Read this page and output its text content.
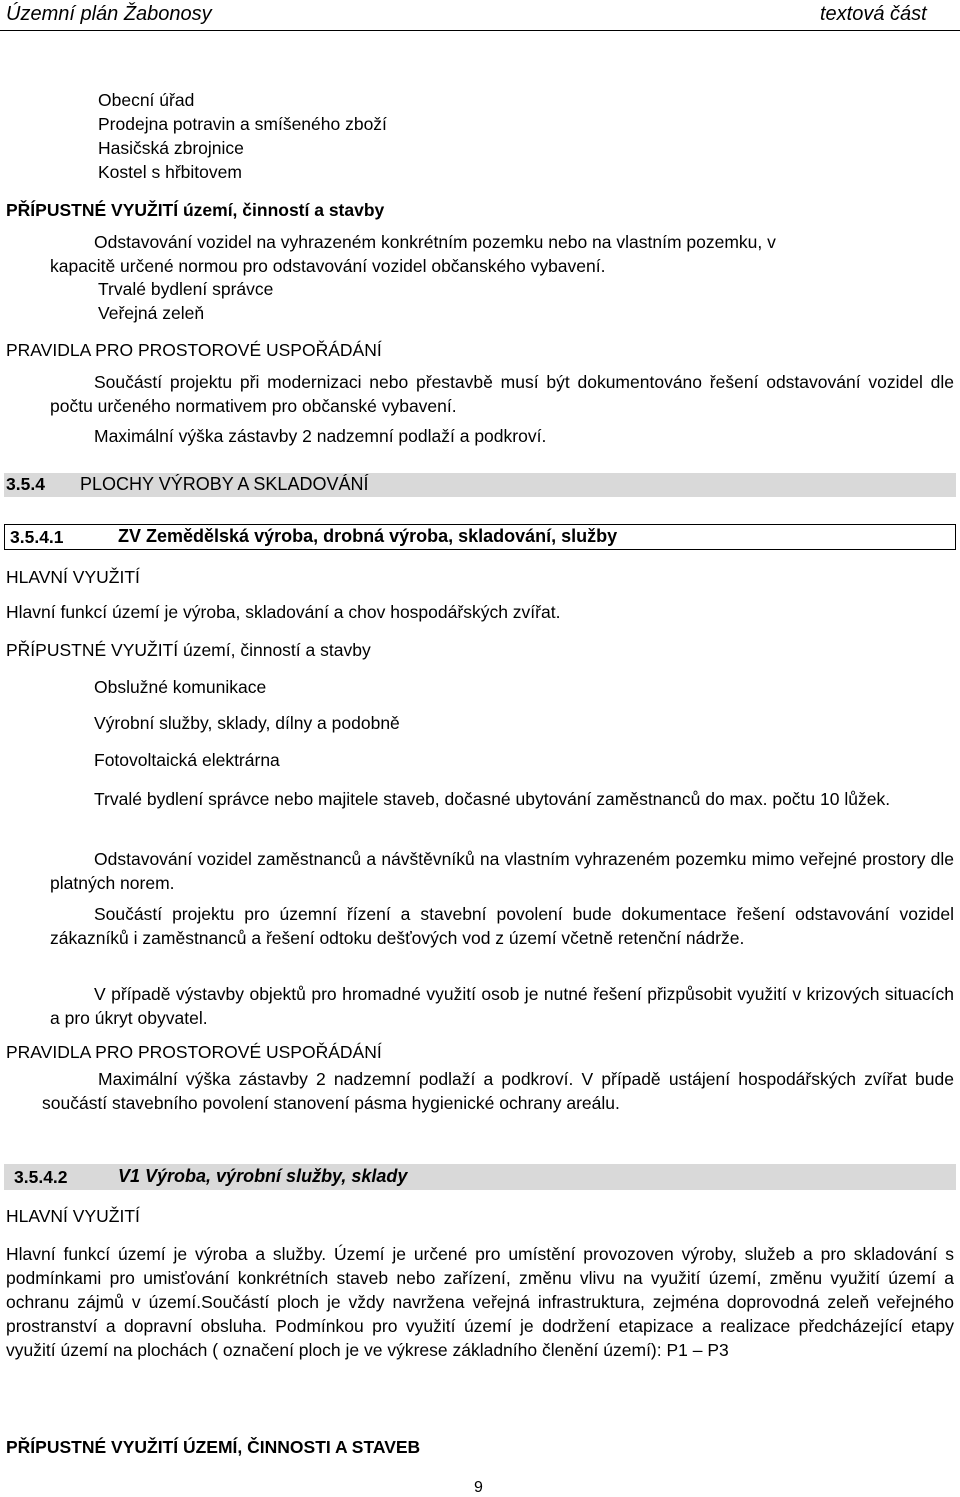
Územní plán Žabonosy	textová část
Obecní úřad
Prodejna potravin a smíšeného zboží
Hasičská zbrojnice
Kostel s hřbitovem
PŘÍPUSTNÉ VYUŽITÍ území, činností a stavby
Odstavování vozidel na vyhrazeném konkrétním pozemku nebo na vlastním pozemku, v
kapacitě určené normou pro odstavování vozidel občanského vybavení.
Trvalé bydlení správce
Veřejná zeleň
PRAVIDLA PRO PROSTOROVÉ USPOŘÁDÁNÍ
Součástí projektu při modernizaci nebo přestavbě musí být dokumentováno řešení odstavování vozidel dle počtu určeného normativem pro občanské vybavení.
Maximální výška zástavby 2 nadzemní podlaží a podkroví.
3.5.4 PLOCHY VÝROBY A SKLADOVÁNÍ
3.5.4.1	ZV Zemědělská výroba, drobná výroba, skladování, služby
HLAVNÍ VYUŽITÍ
Hlavní funkcí území je výroba, skladování a chov hospodářských zvířat.
PŘÍPUSTNÉ VYUŽITÍ území, činností a stavby
Obslužné komunikace
Výrobní služby, sklady, dílny a podobně
Fotovoltaická elektrárna
Trvalé bydlení správce nebo majitele staveb, dočasné ubytování zaměstnanců do max. počtu 10 lůžek.
Odstavování vozidel zaměstnanců a návštěvníků na vlastním vyhrazeném pozemku mimo veřejné prostory dle platných norem.
Součástí projektu pro územní řízení a stavební povolení bude dokumentace řešení odstavování vozidel zákazníků i zaměstnanců a řešení odtoku dešťových vod z území včetně retenční nádrže.
V případě výstavby objektů pro hromadné využití osob je nutné řešení přizpůsobit využití v krizových situacích a pro úkryt obyvatel.
PRAVIDLA PRO PROSTOROVÉ USPOŘÁDÁNÍ
Maximální výška zástavby 2 nadzemní podlaží a podkroví. V případě ustájení hospodářských zvířat bude součástí stavebního povolení stanovení pásma hygienické ochrany areálu.
3.5.4.2	V1 Výroba, výrobní služby, sklady
HLAVNÍ VYUŽITÍ
Hlavní funkcí území je výroba a služby. Území je určené pro umístění provozoven výroby, služeb a pro skladování s podmínkami pro umisťování konkrétních staveb nebo zařízení, změnu vlivu na využití území, změnu využití území a ochranu zájmů v území.Součástí ploch je vždy navržena veřejná infrastruktura, zejména doprovodná zeleň veřejného prostranství a dopravní obsluha. Podmínkou pro využití území je dodržení etapizace a realizace předcházející etapy využití území na plochách ( označení ploch je ve výkrese základního členění území): P1 – P3
PŘÍPUSTNÉ VYUŽITÍ ÚZEMÍ, ČINNOSTI A STAVEB
9
